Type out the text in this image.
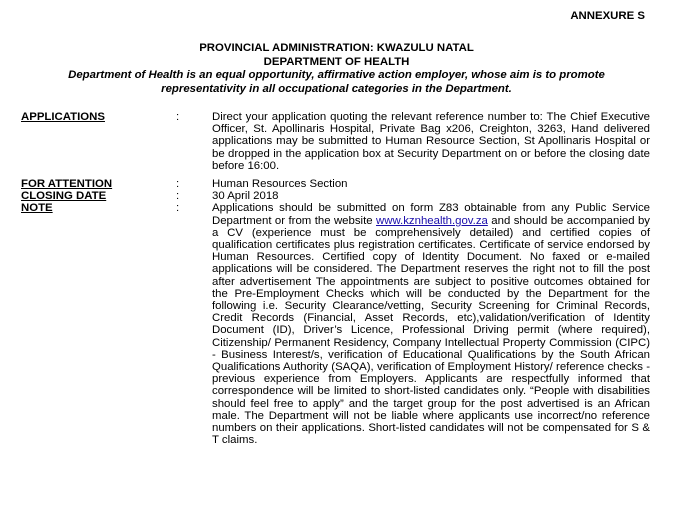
ANNEXURE S
PROVINCIAL ADMINISTRATION: KWAZULU NATAL
DEPARTMENT OF HEALTH
Department of Health is an equal opportunity, affirmative action employer, whose aim is to promote representativity in all occupational categories in the Department.
APPLICATIONS	:	Direct your application quoting the relevant reference number to: The Chief Executive Officer, St. Apollinaris Hospital, Private Bag x206, Creighton, 3263, Hand delivered applications may be submitted to Human Resource Section, St Apollinaris Hospital or be dropped in the application box at Security Department on or before the closing date before 16:00.
FOR ATTENTION	:	Human Resources Section
CLOSING DATE	:	30 April 2018
NOTE	:	Applications should be submitted on form Z83 obtainable from any Public Service Department or from the website www.kznhealth.gov.za and should be accompanied by a CV (experience must be comprehensively detailed) and certified copies of qualification certificates plus registration certificates. Certificate of service endorsed by Human Resources. Certified copy of Identity Document. No faxed or e-mailed applications will be considered. The Department reserves the right not to fill the post after advertisement The appointments are subject to positive outcomes obtained for the Pre-Employment Checks which will be conducted by the Department for the following i.e. Security Clearance/vetting, Security Screening for Criminal Records, Credit Records (Financial, Asset Records, etc),validation/verification of Identity Document (ID), Driver’s Licence, Professional Driving permit (where required), Citizenship/ Permanent Residency, Company Intellectual Property Commission (CIPC) - Business Interest/s, verification of Educational Qualifications by the South African Qualifications Authority (SAQA), verification of Employment History/ reference checks - previous experience from Employers. Applicants are respectfully informed that correspondence will be limited to short-listed candidates only. “People with disabilities should feel free to apply” and the target group for the post advertised is an African male. The Department will not be liable where applicants use incorrect/no reference numbers on their applications. Short-listed candidates will not be compensated for S & T claims.
